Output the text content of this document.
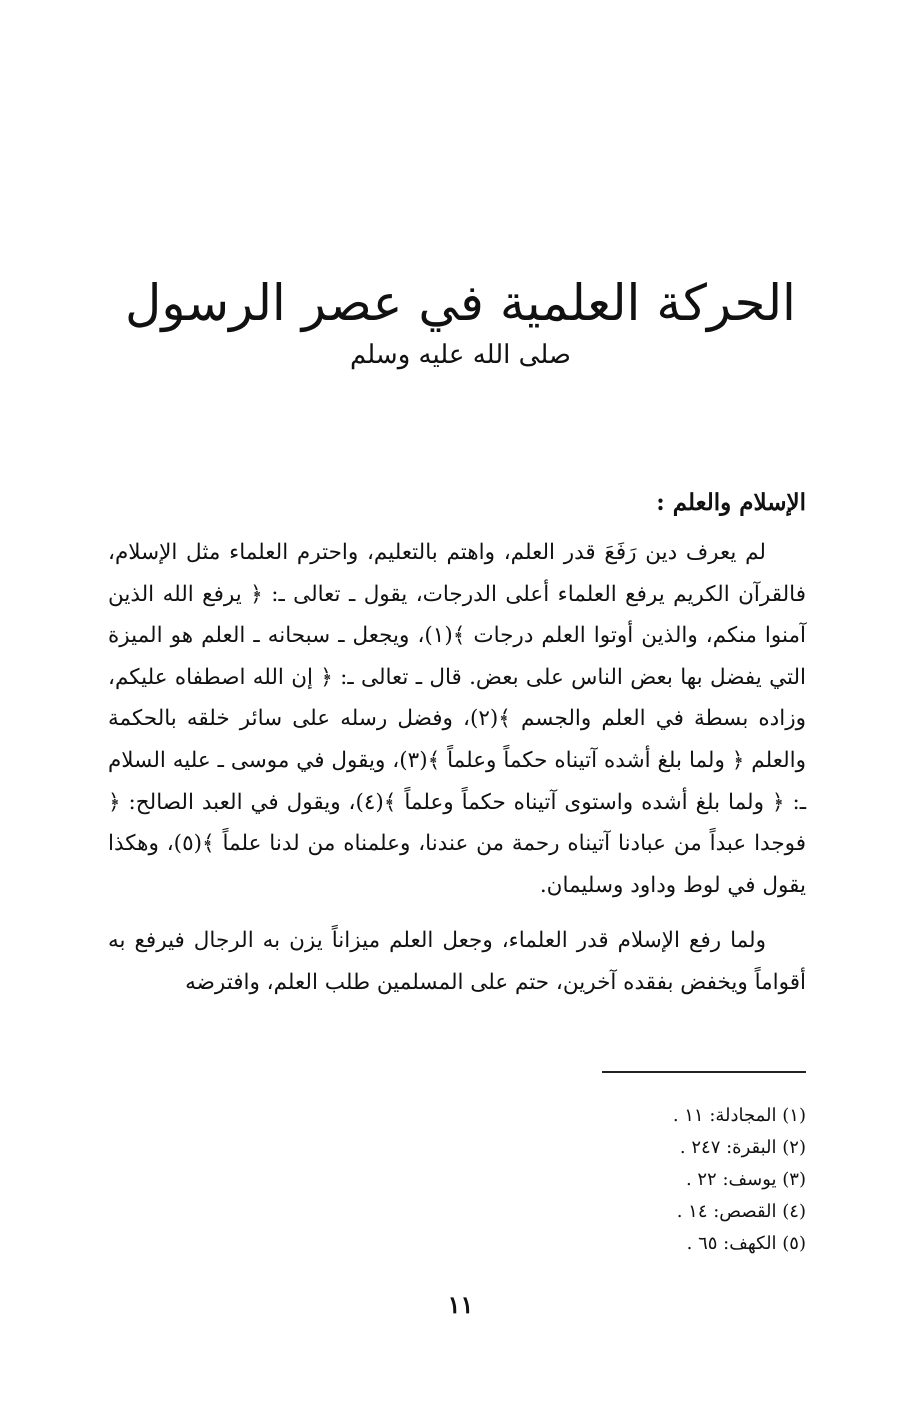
الحركة العلمية في عصر الرسول
صلى الله عليه وسلم
الإسلام والعلم :

لم يعرف دين رَفَعَ قدر العلم، واهتم بالتعليم، واحترم العلماء مثل الإسلام، فالقرآن الكريم يرفع العلماء أعلى الدرجات، يقول ـ تعالى ـ: ﴿ يرفع الله الذين آمنوا منكم، والذين أوتوا العلم درجات ﴾(١)، ويجعل ـ سبحانه ـ العلم هو الميزة التي يفضل بها بعض الناس على بعض. قال ـ تعالى ـ: ﴿ إن الله اصطفاه عليكم، وزاده بسطة في العلم والجسم ﴾(٢)، وفضل رسله على سائر خلقه بالحكمة والعلم ﴿ ولما بلغ أشده آتيناه حكماً وعلماً ﴾(٣)، ويقول في موسى ـ عليه السلام ـ: ﴿ ولما بلغ أشده واستوى آتيناه حكماً وعلماً ﴾(٤)، ويقول في العبد الصالح: ﴿ فوجدا عبداً من عبادنا آتيناه رحمة من عندنا، وعلمناه من لدنا علماً ﴾(٥)، وهكذا يقول في لوط وداود وسليمان.

ولما رفع الإسلام قدر العلماء، وجعل العلم ميزاناً يزن به الرجال فيرفع به أقواماً ويخفض بفقده آخرين، حتم على المسلمين طلب العلم، وافترضه

(١) المجادلة: ١١ .
(٢) البقرة: ٢٤٧ .
(٣) يوسف: ٢٢ .
(٤) القصص: ١٤ .
(٥) الكهف: ٦٥ .
١١
